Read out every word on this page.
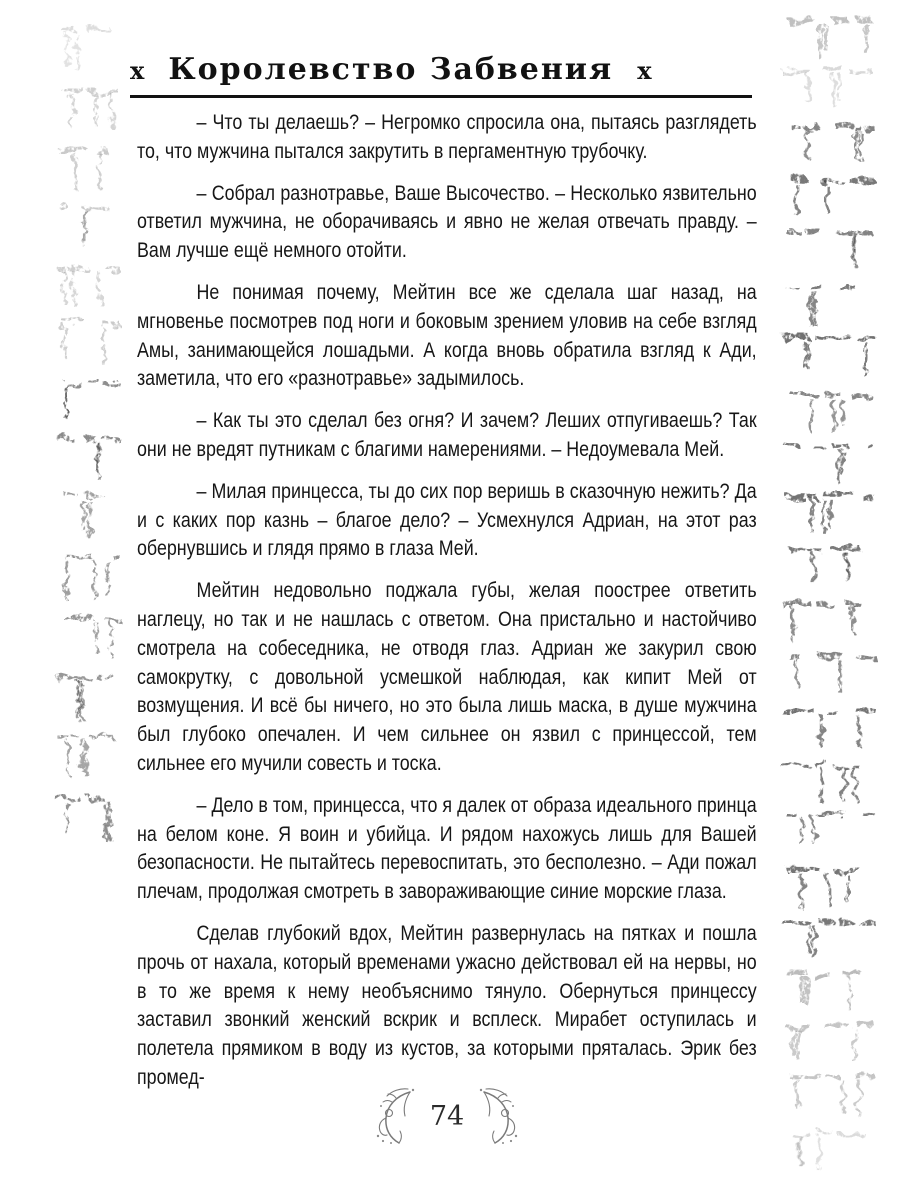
x Королевство Забвения x

– Что ты делаешь? – Негромко спросила она, пытаясь разглядеть то, что мужчина пытался закрутить в пергаментную трубочку.

– Собрал разнотравье, Ваше Высочество. – Несколько язвительно ответил мужчина, не оборачиваясь и явно не желая отвечать правду. – Вам лучше ещё немного отойти.

Не понимая почему, Мейтин все же сделала шаг назад, на мгновенье посмотрев под ноги и боковым зрением уловив на себе взгляд Амы, занимающейся лошадьми. А когда вновь обратила взгляд к Ади, заметила, что его «разнотравье» задымилось.

– Как ты это сделал без огня? И зачем? Леших отпугиваешь? Так они не вредят путникам с благими намерениями. – Недоумевала Мей.

– Милая принцесса, ты до сих пор веришь в сказочную нежить? Да и с каких пор казнь – благое дело? – Усмехнулся Адриан, на этот раз обернувшись и глядя прямо в глаза Мей.

Мейтин недовольно поджала губы, желая поострее ответить наглецу, но так и не нашлась с ответом. Она пристально и настойчиво смотрела на собеседника, не отводя глаз. Адриан же закурил свою самокрутку, с довольной усмешкой наблюдая, как кипит Мей от возмущения. И всё бы ничего, но это была лишь маска, в душе мужчина был глубоко опечален. И чем сильнее он язвил с принцессой, тем сильнее его мучили совесть и тоска.

– Дело в том, принцесса, что я далек от образа идеального принца на белом коне. Я воин и убийца. И рядом нахожусь лишь для Вашей безопасности. Не пытайтесь перевоспитать, это бесполезно. – Ади пожал плечам, продолжая смотреть в завораживающие синие морские глаза.

Сделав глубокий вдох, Мейтин развернулась на пятках и пошла прочь от нахала, который временами ужасно действовал ей на нервы, но в то же время к нему необъяснимо тянуло. Обернуться принцессу заставил звонкий женский вскрик и всплеск. Мирабет оступилась и полетела прямиком в воду из кустов, за которыми пряталась. Эрик без промед-

74
